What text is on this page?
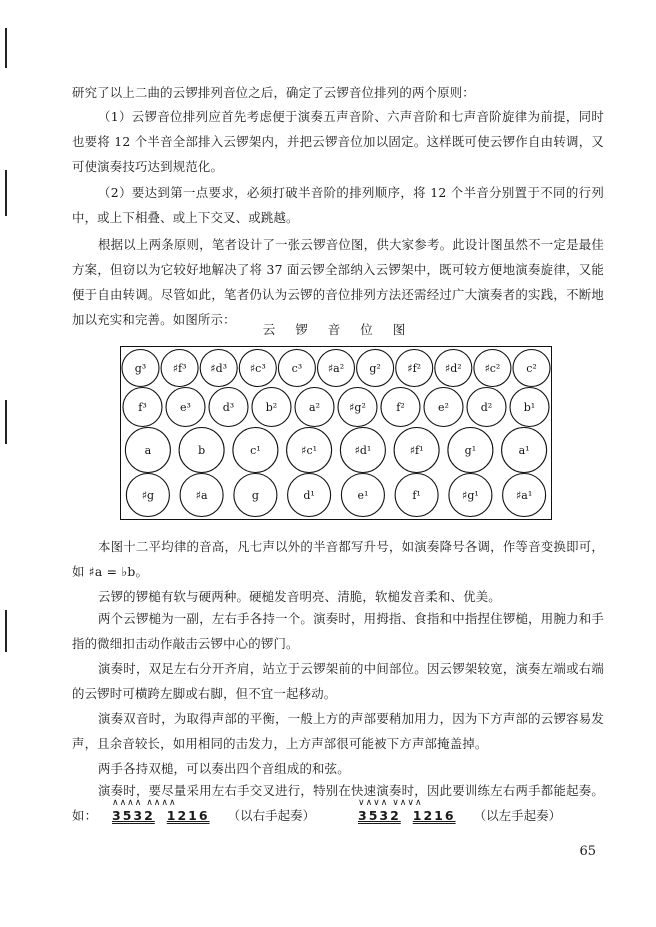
研究了以上二曲的云锣排列音位之后，确定了云锣音位排列的两个原则：

（1）云锣音位排列应首先考虑便于演奏五声音阶、六声音阶和七声音阶旋律为前提，同时也要将 12 个半音全部排入云锣架内，并把云锣音位加以固定。这样既可使云锣作自由转调，又可使演奏技巧达到规范化。

（2）要达到第一点要求，必须打破半音阶的排列顺序，将 12 个半音分别置于不同的行列中，或上下相叠、或上下交叉、或跳越。

根据以上两条原则，笔者设计了一张云锣音位图，供大家参考。此设计图虽然不一定是最佳方案，但窃以为它较好地解决了将 37 面云锣全部纳入云锣架中，既可较方便地演奏旋律，又能便于自由转调。尽管如此，笔者仍认为云锣的音位排列方法还需经过广大演奏者的实践，不断地加以充实和完善。如图所示：

云 锣 音 位 图
g³ ♯f³ ♯d³ ♯c³ c³ ♯a² g² ♯f² ♯d² ♯c² c²
f³	e³	d³	b²	a²	♯g²	f²	e²	d²	b¹
a	b	c¹	♯c¹	♯d¹	♯f¹	g¹	a¹
♯g	♯a	g	d¹	e¹	f¹	♯g¹	♯a¹

本图十二平均律的音高，凡七声以外的半音都写升号，如演奏降号各调，作等音变换即可，如 ♯a = ♭b。

云锣的锣槌有软与硬两种。硬槌发音明亮、清脆，软槌发音柔和、优美。

两个云锣槌为一副，左右手各持一个。演奏时，用拇指、食指和中指捏住锣槌，用腕力和手指的微细扣击动作敲击云锣中心的锣门。

演奏时，双足左右分开齐肩，站立于云锣架前的中间部位。因云锣架较宽，演奏左端或右端的云锣时可横跨左脚或右脚，但不宜一起移动。

演奏双音时，为取得声部的平衡，一般上方的声部要稍加用力，因为下方声部的云锣容易发声，且余音较长，如用相同的击发力，上方声部很可能被下方声部掩盖掉。

两手各持双槌，可以奏出四个音组成的和弦。

演奏时，要尽量采用左右手交叉进行，特别在快速演奏时，因此要训练左右两手都能起奏。如：

∧∧∧∧ ∧∧∧∧
3532 1216 （以右手起奏）
∨∧∨∧ ∨∧∨∧
3532 1216 （以左手起奏）
65
